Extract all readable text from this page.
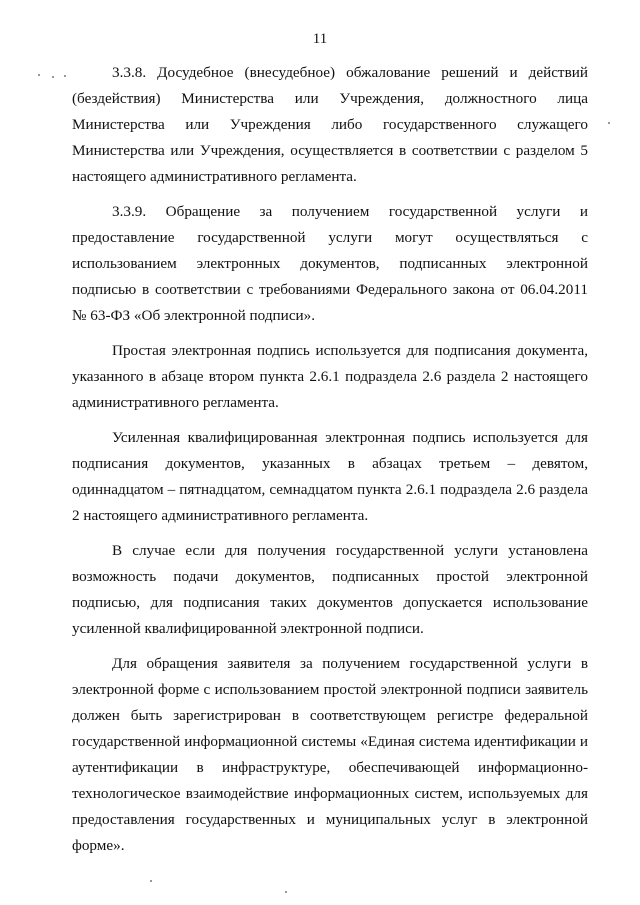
11

3.3.8. Досудебное (внесудебное) обжалование решений и действий (бездействия) Министерства или Учреждения, должностного лица Министерства или Учреждения либо государственного служащего Министерства или Учреждения, осуществляется в соответствии с разделом 5 настоящего административного регламента.

3.3.9. Обращение за получением государственной услуги и предоставление государственной услуги могут осуществляться с использованием электронных документов, подписанных электронной подписью в соответствии с требованиями Федерального закона от 06.04.2011 № 63-ФЗ «Об электронной подписи».

Простая электронная подпись используется для подписания документа, указанного в абзаце втором пункта 2.6.1 подраздела 2.6 раздела 2 настоящего административного регламента.

Усиленная квалифицированная электронная подпись используется для подписания документов, указанных в абзацах третьем – девятом, одиннадцатом – пятнадцатом, семнадцатом пункта 2.6.1 подраздела 2.6 раздела 2 настоящего административного регламента.

В случае если для получения государственной услуги установлена возможность подачи документов, подписанных простой электронной подписью, для подписания таких документов допускается использование усиленной квалифицированной электронной подписи.

Для обращения заявителя за получением государственной услуги в электронной форме с использованием простой электронной подписи заявитель должен быть зарегистрирован в соответствующем регистре федеральной государственной информационной системы «Единая система идентификации и аутентификации в инфраструктуре, обеспечивающей информационно-технологическое взаимодействие информационных систем, используемых для предоставления государственных и муниципальных услуг в электронной форме».
